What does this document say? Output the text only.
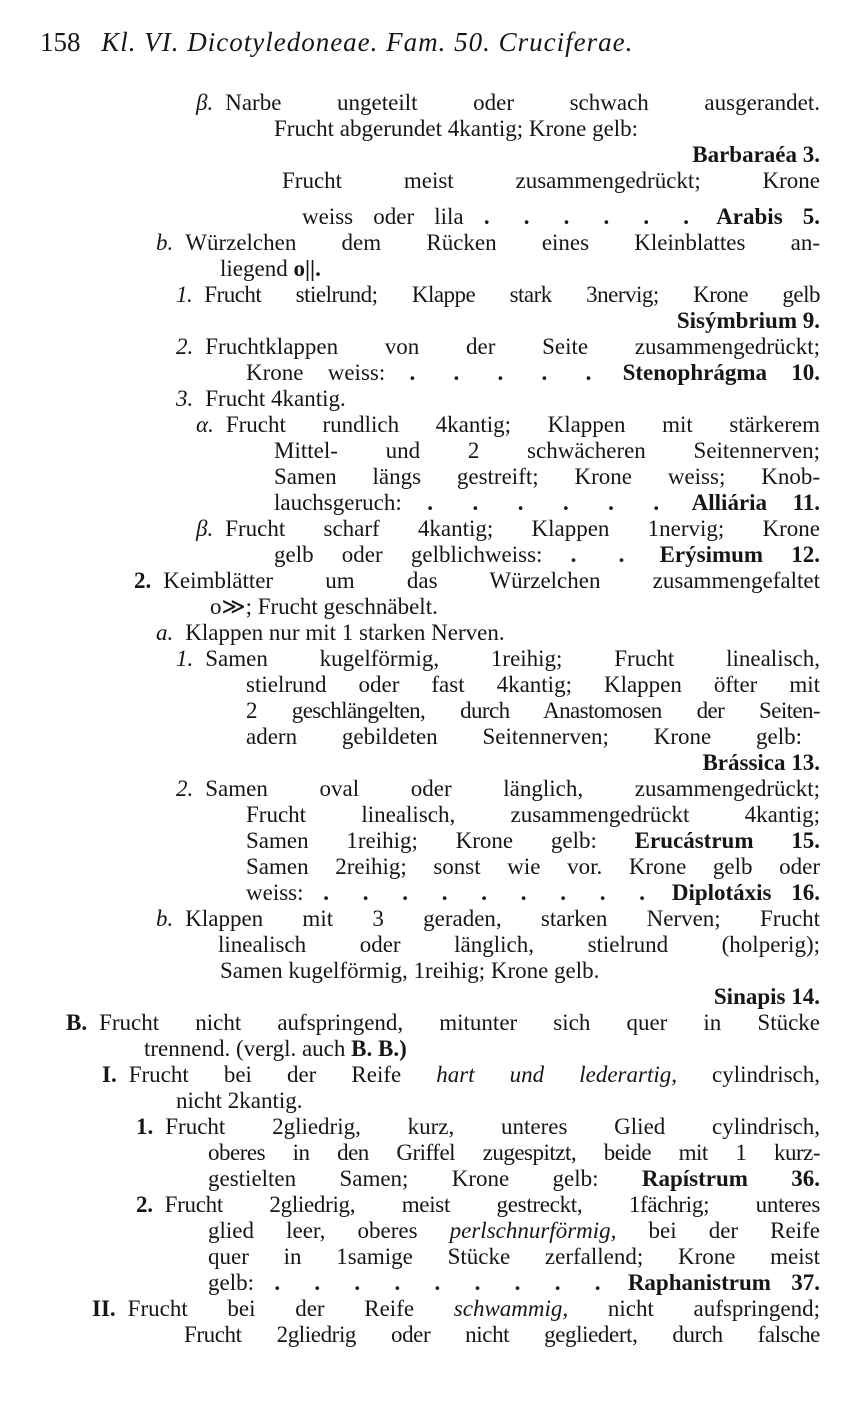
158 Kl. VI. Dicotyledoneae. Fam. 50. Cruciferae.
β. Narbe ungeteilt oder schwach ausgerandet.
Frucht abgerundet 4kantig; Krone gelb:
Barbaraéa 3.
Frucht meist zusammengedrückt; Krone
weiss oder lila . . . . . . Arabis 5.
b. Würzelchen dem Rücken eines Kleinblattes an-
liegend o||.
1. Frucht stielrund; Klappe stark 3nervig; Krone gelb
Sisýmbrium 9.
2. Fruchtklappen von der Seite zusammengedrückt;
Krone weiss: . . . . . Stenophrágma 10.
3. Frucht 4kantig.
α. Frucht rundlich 4kantig; Klappen mit stärkerem
Mittel- und 2 schwächeren Seitennerven;
Samen längs gestreift; Krone weiss; Knob-
lauchsgeruch: . . . . . . Alliária 11.
β. Frucht scharf 4kantig; Klappen 1nervig; Krone
gelb oder gelblichweiss: . . Erýsimum 12.
2. Keimblätter um das Würzelchen zusammengefaltet
o≫; Frucht geschnäbelt.
a. Klappen nur mit 1 starken Nerven.
1. Samen kugelförmig, 1reihig; Frucht linealisch,
stielrund oder fast 4kantig; Klappen öfter mit
2 geschlängelten, durch Anastomosen der Seiten-
adern gebildeten Seitennerven; Krone gelb:
Brássica 13.
2. Samen oval oder länglich, zusammengedrückt;
Frucht linealisch, zusammengedrückt 4kantig;
Samen 1reihig; Krone gelb: Erucástrum 15.
Samen 2reihig; sonst wie vor. Krone gelb oder
weiss: . . . . . . . . . Diplotáxis 16.
b. Klappen mit 3 geraden, starken Nerven; Frucht
linealisch oder länglich, stielrund (holperig);
Samen kugelförmig, 1reihig; Krone gelb.
Sinapis 14.
B. Frucht nicht aufspringend, mitunter sich quer in Stücke
trennend. (vergl. auch B. B.)
I. Frucht bei der Reife hart und lederartig, cylindrisch,
nicht 2kantig.
1. Frucht 2gliedrig, kurz, unteres Glied cylindrisch,
oberes in den Griffel zugespitzt, beide mit 1 kurz-
gestielten Samen; Krone gelb: Rapístrum 36.
2. Frucht 2gliedrig, meist gestreckt, 1fächrig; unteres
glied leer, oberes perlschnurförmig, bei der Reife
quer in 1samige Stücke zerfallend; Krone meist
gelb: . . . . . . . . . Raphanistrum 37.
II. Frucht bei der Reife schwammig, nicht aufspringend;
Frucht 2gliedrig oder nicht gegliedert, durch falsche
